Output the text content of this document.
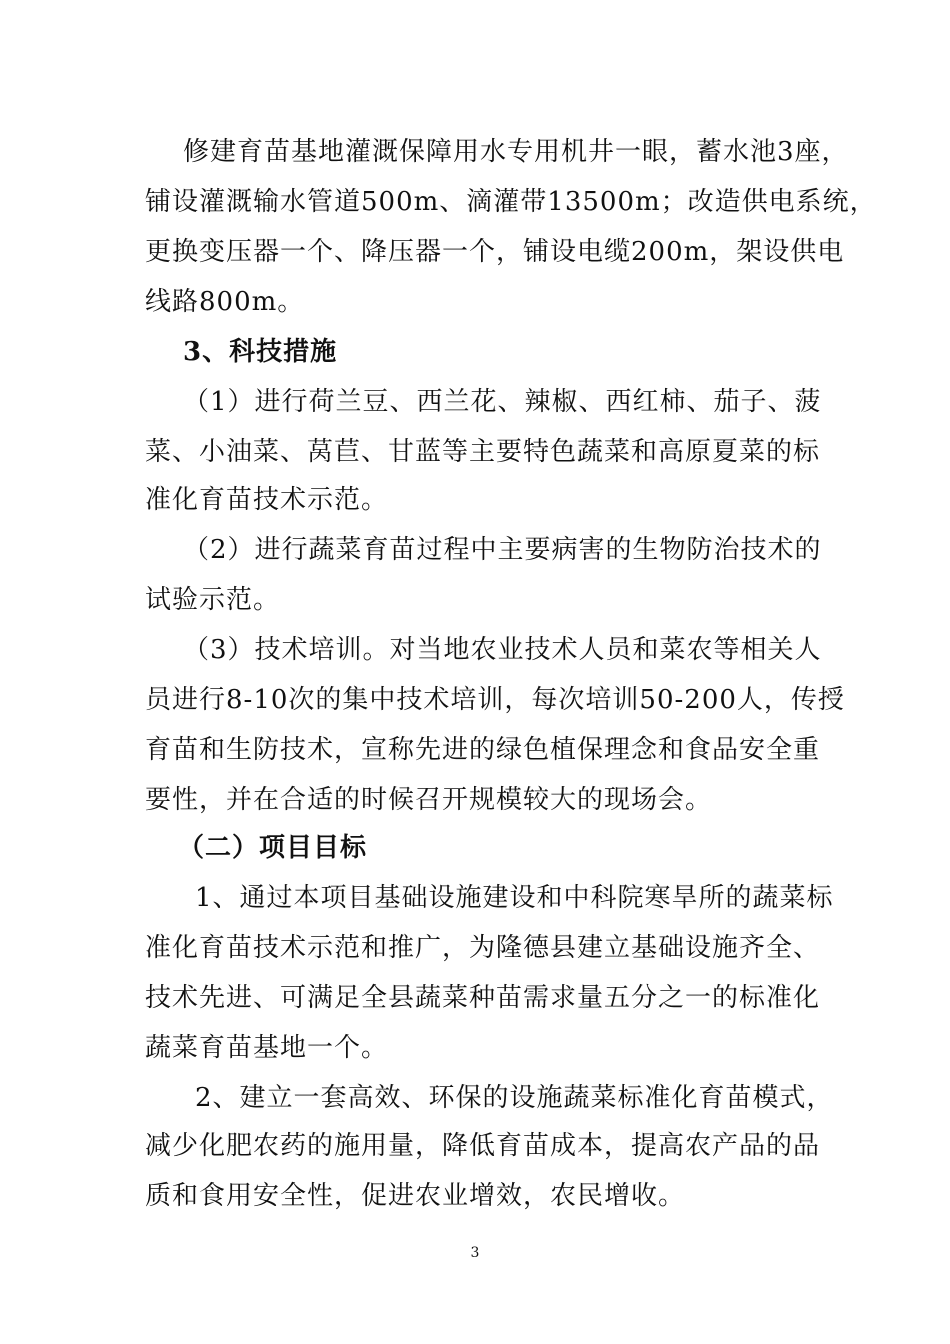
修建育苗基地灌溉保障用水专用机井一眼，蓄水池3座，
铺设灌溉输水管道500m、滴灌带13500m；改造供电系统，
更换变压器一个、降压器一个，铺设电缆200m，架设供电
线路800m。
3、科技措施
（1）进行荷兰豆、西兰花、辣椒、西红柿、茄子、菠
菜、小油菜、莴苣、甘蓝等主要特色蔬菜和高原夏菜的标
准化育苗技术示范。
（2）进行蔬菜育苗过程中主要病害的生物防治技术的
试验示范。
（3）技术培训。对当地农业技术人员和菜农等相关人
员进行8-10次的集中技术培训，每次培训50-200人，传授
育苗和生防技术，宣称先进的绿色植保理念和食品安全重
要性，并在合适的时候召开规模较大的现场会。
（二）项目目标
1、通过本项目基础设施建设和中科院寒旱所的蔬菜标
准化育苗技术示范和推广，为隆德县建立基础设施齐全、
技术先进、可满足全县蔬菜种苗需求量五分之一的标准化
蔬菜育苗基地一个。
2、建立一套高效、环保的设施蔬菜标准化育苗模式，
减少化肥农药的施用量，降低育苗成本，提高农产品的品
质和食用安全性，促进农业增效，农民增收。
3
